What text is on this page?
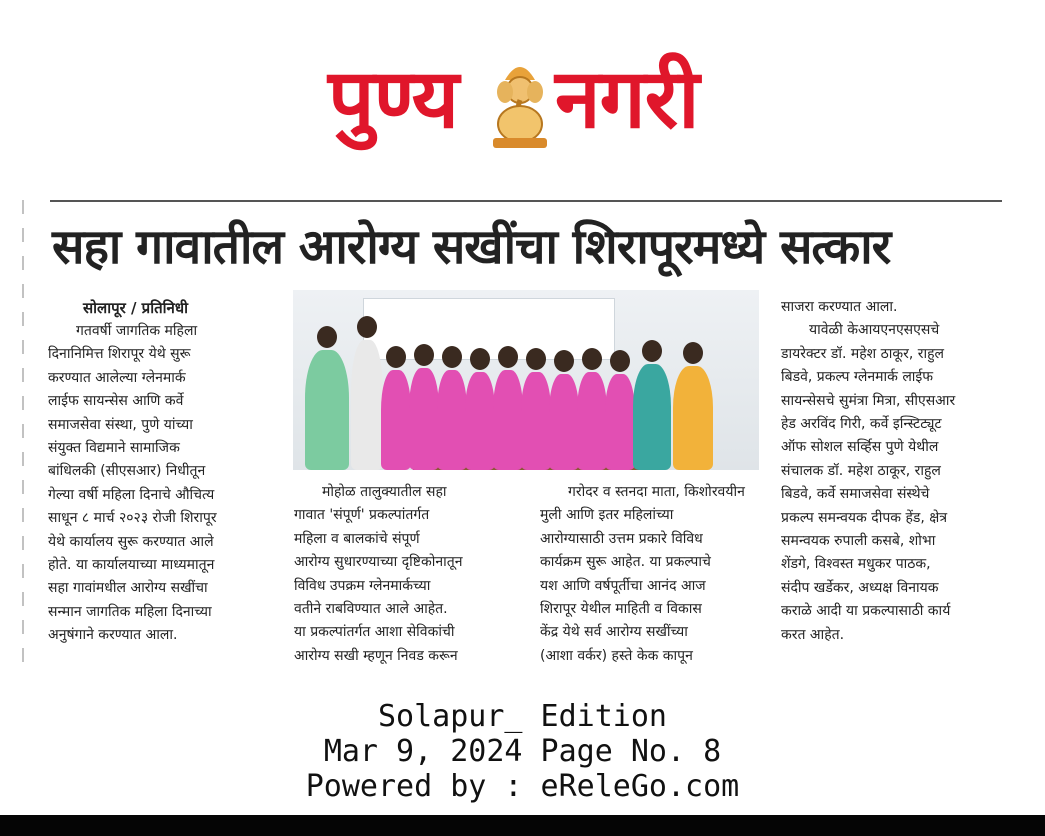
पुण्य नगरी
सहा गावातील आरोग्य सखींचा शिरापूरमध्ये सत्कार

सोलापूर / प्रतिनिधी

गतवर्षी जागतिक महिला

दिनानिमित्त शिरापूर येथे सुरू

करण्यात आलेल्या ग्लेनमार्क

लाईफ सायन्सेस आणि कर्वे

समाजसेवा संस्था, पुणे यांच्या

संयुक्त विद्यमाने सामाजिक

बांधिलकी (सीएसआर) निधीतून

गेल्या वर्षी महिला दिनाचे औचित्य

साधून ८ मार्च २०२३ रोजी शिरापूर

येथे कार्यालय सुरू करण्यात आले

होते. या कार्यालयाच्या माध्यमातून

सहा गावांमधील आरोग्य सखींचा

सन्मान जागतिक महिला दिनाच्या

अनुषंगाने करण्यात आला.

मोहोळ तालुक्यातील सहा

गावात 'संपूर्ण' प्रकल्पांतर्गत

महिला व बालकांचे संपूर्ण

आरोग्य सुधारण्याच्या दृष्टिकोनातून

विविध उपक्रम ग्लेनमार्कच्या

वतीने राबविण्यात आले आहेत.

या प्रकल्पांतर्गत आशा सेविकांची

आरोग्य सखी म्हणून निवड करून

गरोदर व स्तनदा माता, किशोरवयीन

मुली आणि इतर महिलांच्या

आरोग्यासाठी उत्तम प्रकारे विविध

कार्यक्रम सुरू आहेत. या प्रकल्पाचे

यश आणि वर्षपूर्तीचा आनंद आज

शिरापूर येथील माहिती व विकास

केंद्र येथे सर्व आरोग्य सखींच्या

(आशा वर्कर) हस्ते केक कापून

साजरा करण्यात आला.

यावेळी केआयएनएसएसचे

डायरेक्टर डॉ. महेश ठाकूर, राहुल

बिडवे, प्रकल्प ग्लेनमार्क लाईफ

सायन्सेसचे सुमंत्रा मित्रा, सीएसआर

हेड अरविंद गिरी, कर्वे इन्स्टिट्यूट

ऑफ सोशल सर्व्हिस पुणे येथील

संचालक डॉ. महेश ठाकूर, राहुल

बिडवे, कर्वे समाजसेवा संस्थेचे

प्रकल्प समन्वयक दीपक हेंड, क्षेत्र

समन्वयक रुपाली कसबे, शोभा

शेंडगे, विश्वस्त मधुकर पाठक,

संदीप खर्डेकर, अध्यक्ष विनायक

कराळे आदी या प्रकल्पासाठी कार्य

करत आहेत.

Solapur_ Edition
Mar 9, 2024 Page No. 8
Powered by : eReleGo.com
